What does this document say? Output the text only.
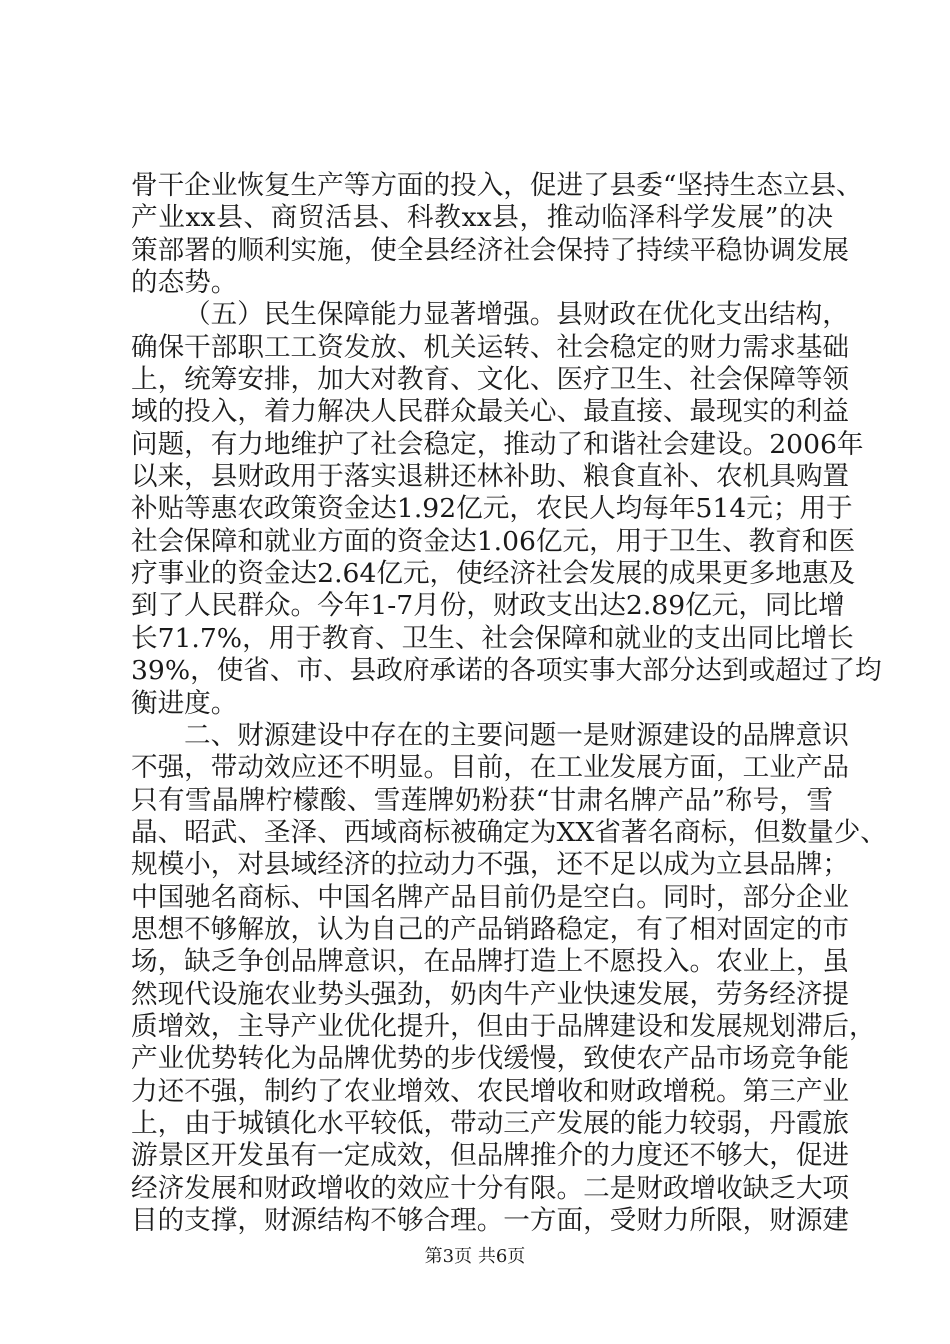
骨干企业恢复生产等方面的投入，促进了县委“坚持生态立县、
产业xx县、商贸活县、科教xx县，推动临泽科学发展”的决
策部署的顺利实施，使全县经济社会保持了持续平稳协调发展
的态势。
（五）民生保障能力显著增强。县财政在优化支出结构，
确保干部职工工资发放、机关运转、社会稳定的财力需求基础
上，统筹安排，加大对教育、文化、医疗卫生、社会保障等领
域的投入，着力解决人民群众最关心、最直接、最现实的利益
问题，有力地维护了社会稳定，推动了和谐社会建设。2006年
以来，县财政用于落实退耕还林补助、粮食直补、农机具购置
补贴等惠农政策资金达1.92亿元，农民人均每年514元；用于
社会保障和就业方面的资金达1.06亿元，用于卫生、教育和医
疗事业的资金达2.64亿元，使经济社会发展的成果更多地惠及
到了人民群众。今年1-7月份，财政支出达2.89亿元，同比增
长71.7%，用于教育、卫生、社会保障和就业的支出同比增长
39%，使省、市、县政府承诺的各项实事大部分达到或超过了均
衡进度。
二、财源建设中存在的主要问题一是财源建设的品牌意识
不强，带动效应还不明显。目前，在工业发展方面，工业产品
只有雪晶牌柠檬酸、雪莲牌奶粉获“甘肃名牌产品”称号，雪
晶、昭武、圣泽、西域商标被确定为XX省著名商标，但数量少、
规模小，对县域经济的拉动力不强，还不足以成为立县品牌；
中国驰名商标、中国名牌产品目前仍是空白。同时，部分企业
思想不够解放，认为自己的产品销路稳定，有了相对固定的市
场，缺乏争创品牌意识，在品牌打造上不愿投入。农业上，虽
然现代设施农业势头强劲，奶肉牛产业快速发展，劳务经济提
质增效，主导产业优化提升，但由于品牌建设和发展规划滞后，
产业优势转化为品牌优势的步伐缓慢，致使农产品市场竞争能
力还不强，制约了农业增效、农民增收和财政增税。第三产业
上，由于城镇化水平较低，带动三产发展的能力较弱，丹霞旅
游景区开发虽有一定成效，但品牌推介的力度还不够大，促进
经济发展和财政增收的效应十分有限。二是财政增收缺乏大项
目的支撑，财源结构不够合理。一方面，受财力所限，财源建
第3页 共6页
